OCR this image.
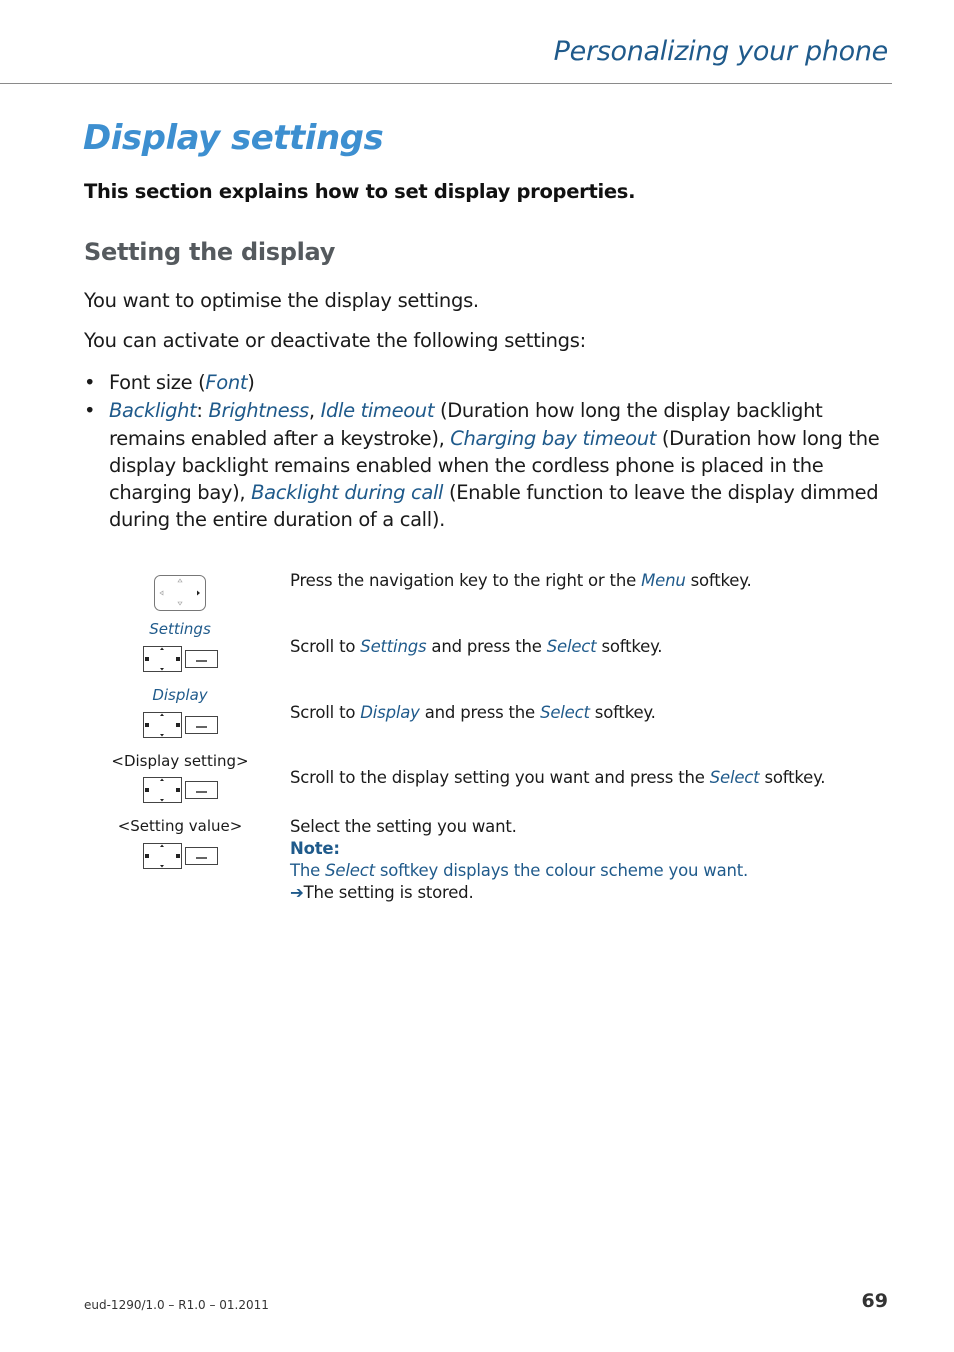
Personalizing your phone
Display settings

This section explains how to set display properties.

Setting the display

You want to optimise the display settings.

You can activate or deactivate the following settings:

• Font size (Font)
• Backlight: Brightness, Idle timeout (Duration how long the display backlight remains enabled after a keystroke), Charging bay timeout (Duration how long the display backlight remains enabled when the cordless phone is placed in the charging bay), Backlight during call (Enable function to leave the display dimmed during the entire duration of a call).
Press the navigation key to the right or the Menu softkey.
Settings
Scroll to Settings and press the Select softkey.
Display
Scroll to Display and press the Select softkey.
<Display setting>
Scroll to the display setting you want and press the Select softkey.
<Setting value>	Select the setting you want.
Note:
The Select softkey displays the colour scheme you want.
➔The setting is stored.
eud-1290/1.0 – R1.0 – 01.2011	69
